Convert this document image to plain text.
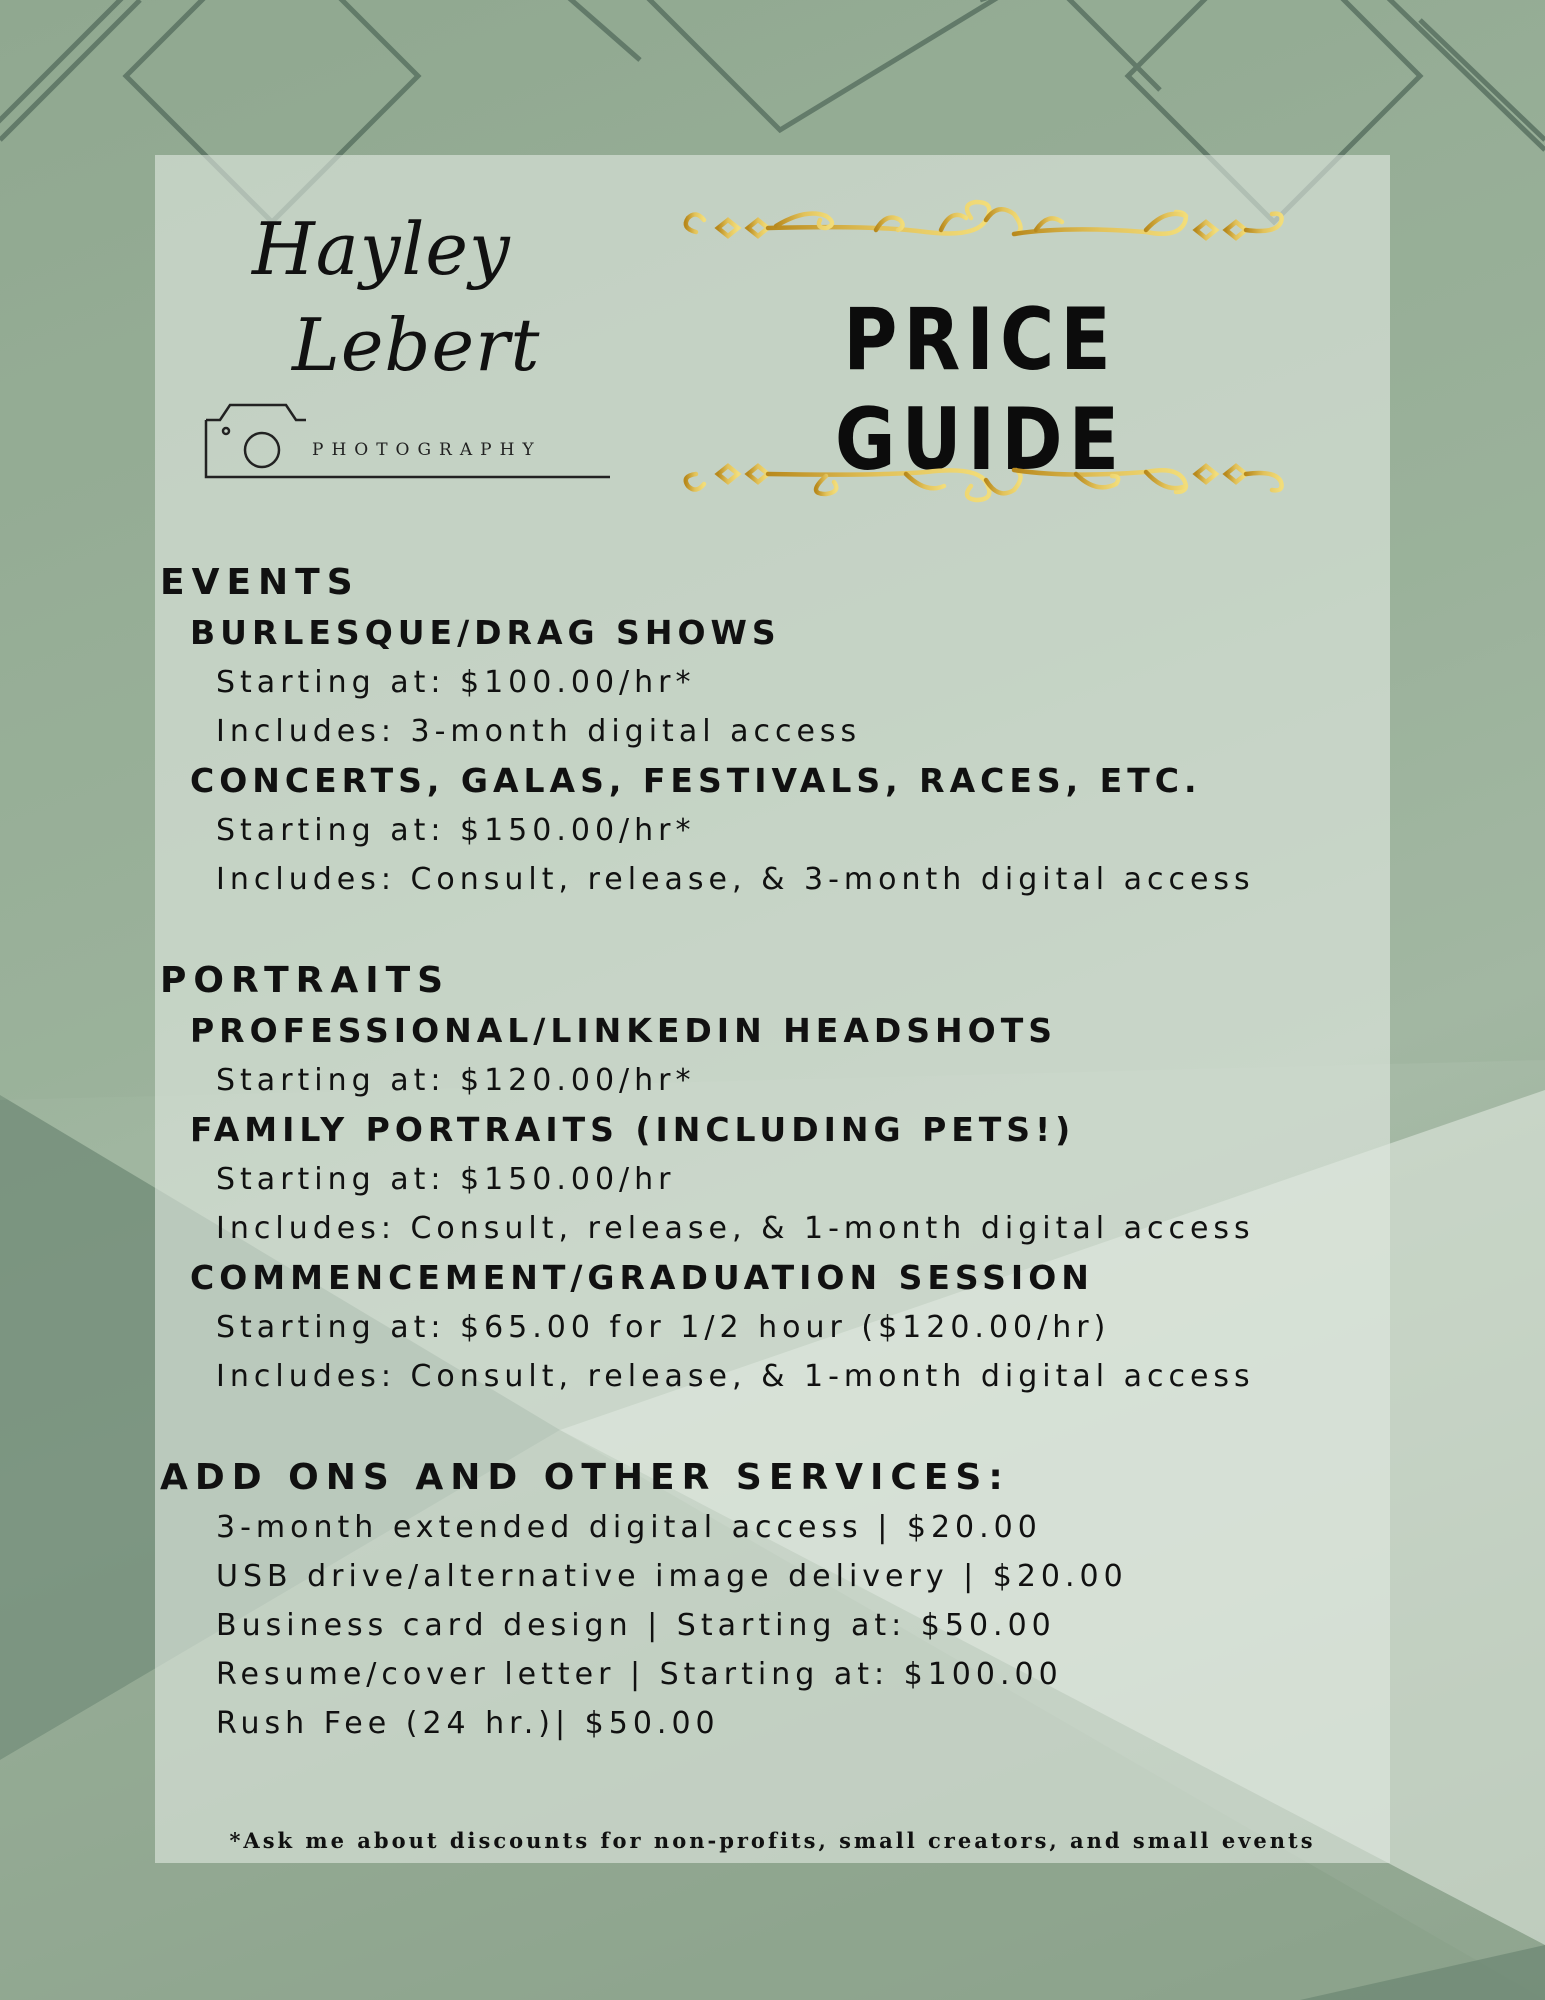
Hayley
Lebert
PHOTOGRAPHY
PRICE GUIDE
EVENTS
BURLESQUE/DRAG SHOWS
Starting at: $100.00/hr*
Includes: 3-month digital access
CONCERTS, GALAS, FESTIVALS, RACES, ETC.
Starting at: $150.00/hr*
Includes: Consult, release, & 3-month digital access
PORTRAITS
PROFESSIONAL/LINKEDIN HEADSHOTS
Starting at: $120.00/hr*
FAMILY PORTRAITS (INCLUDING PETS!)
Starting at: $150.00/hr
Includes: Consult, release, & 1-month digital access
COMMENCEMENT/GRADUATION SESSION
Starting at: $65.00 for 1/2 hour ($120.00/hr)
Includes: Consult, release, & 1-month digital access
ADD ONS AND OTHER SERVICES:
3-month extended digital access | $20.00
USB drive/alternative image delivery | $20.00
Business card design | Starting at: $50.00
Resume/cover letter | Starting at: $100.00
Rush Fee (24 hr.)| $50.00
*Ask me about discounts for non-profits, small creators, and small events
